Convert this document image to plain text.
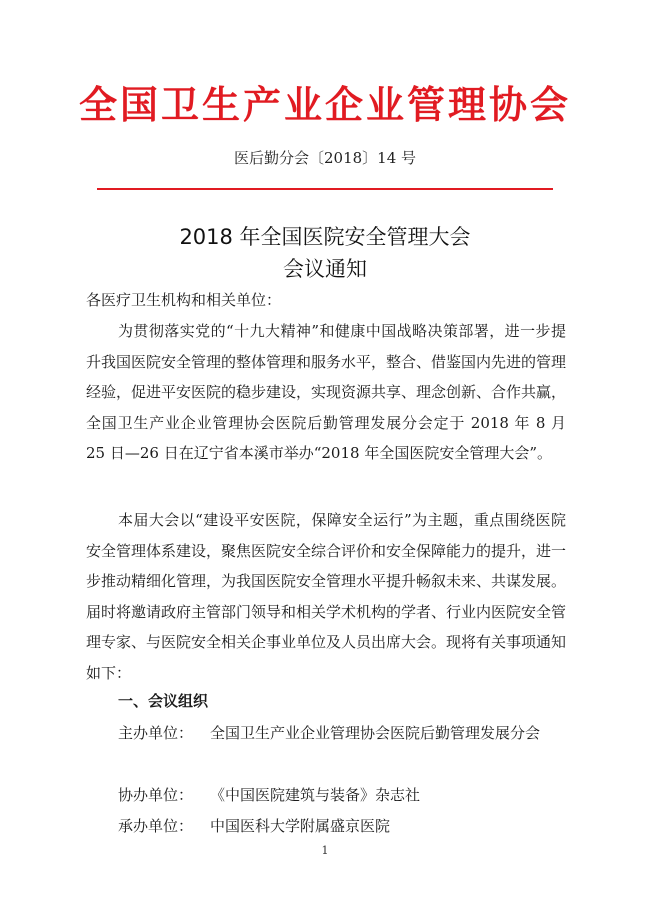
全国卫生产业企业管理协会
医后勤分会〔2018〕14 号
2018 年全国医院安全管理大会
会议通知
各医疗卫生机构和相关单位：
为贯彻落实党的“十九大精神”和健康中国战略决策部署，进一步提升我国医院安全管理的整体管理和服务水平，整合、借鉴国内先进的管理经验，促进平安医院的稳步建设，实现资源共享、理念创新、合作共赢，全国卫生产业企业管理协会医院后勤管理发展分会定于 2018 年 8 月 25 日—26 日在辽宁省本溪市举办“2018 年全国医院安全管理大会”。
本届大会以“建设平安医院，保障安全运行”为主题，重点围绕医院安全管理体系建设，聚焦医院安全综合评价和安全保障能力的提升，进一步推动精细化管理，为我国医院安全管理水平提升畅叙未来、共谋发展。届时将邀请政府主管部门领导和相关学术机构的学者、行业内医院安全管理专家、与医院安全相关企事业单位及人员出席大会。现将有关事项通知如下：
一、会议组织
主办单位：	全国卫生产业企业管理协会医院后勤管理发展分会
协办单位：	《中国医院建筑与装备》杂志社
承办单位：	中国医科大学附属盛京医院
1
